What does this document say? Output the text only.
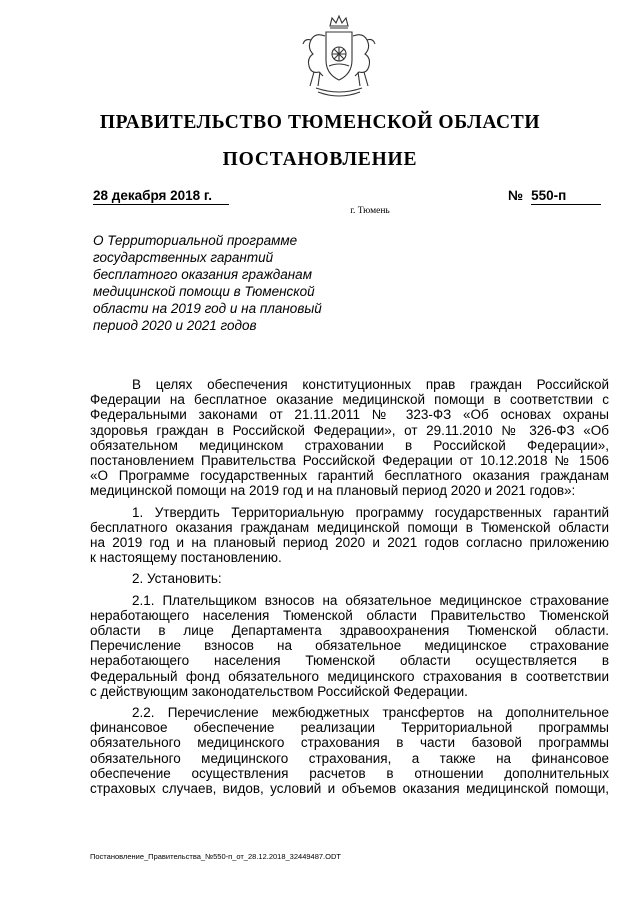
ПРАВИТЕЛЬСТВО ТЮМЕНСКОЙ ОБЛАСТИ
ПОСТАНОВЛЕНИЕ
28 декабря 2018 г.	№ 550-п
г. Тюмень
О Территориальной программе
государственных гарантий
бесплатного оказания гражданам
медицинской помощи в Тюменской
области на 2019 год и на плановый
период 2020 и 2021 годов
В целях обеспечения конституционных прав граждан Российской
Федерации на бесплатное оказание медицинской помощи в соответствии с
Федеральными законами от 21.11.2011 № 323-ФЗ «Об основах охраны
здоровья граждан в Российской Федерации», от 29.11.2010 № 326-ФЗ «Об
обязательном медицинском страховании в Российской Федерации»,
постановлением Правительства Российской Федерации от 10.12.2018 № 1506
«О Программе государственных гарантий бесплатного оказания гражданам
медицинской помощи на 2019 год и на плановый период 2020 и 2021 годов»:
1. Утвердить Территориальную программу государственных гарантий
бесплатного оказания гражданам медицинской помощи в Тюменской области
на 2019 год и на плановый период 2020 и 2021 годов согласно приложению
к настоящему постановлению.
2. Установить:
2.1. Плательщиком взносов на обязательное медицинское страхование
неработающего населения Тюменской области Правительство Тюменской
области в лице Департамента здравоохранения Тюменской области.
Перечисление взносов на обязательное медицинское страхование
неработающего населения Тюменской области осуществляется в
Федеральный фонд обязательного медицинского страхования в соответствии
с действующим законодательством Российской Федерации.
2.2. Перечисление межбюджетных трансфертов на дополнительное
финансовое обеспечение реализации Территориальной программы
обязательного медицинского страхования в части базовой программы
обязательного медицинского страхования, а также на финансовое
обеспечение осуществления расчетов в отношении дополнительных
страховых случаев, видов, условий и объемов оказания медицинской помощи,
Постановление_Правительства_№550-п_от_28.12.2018_32449487.ODT
